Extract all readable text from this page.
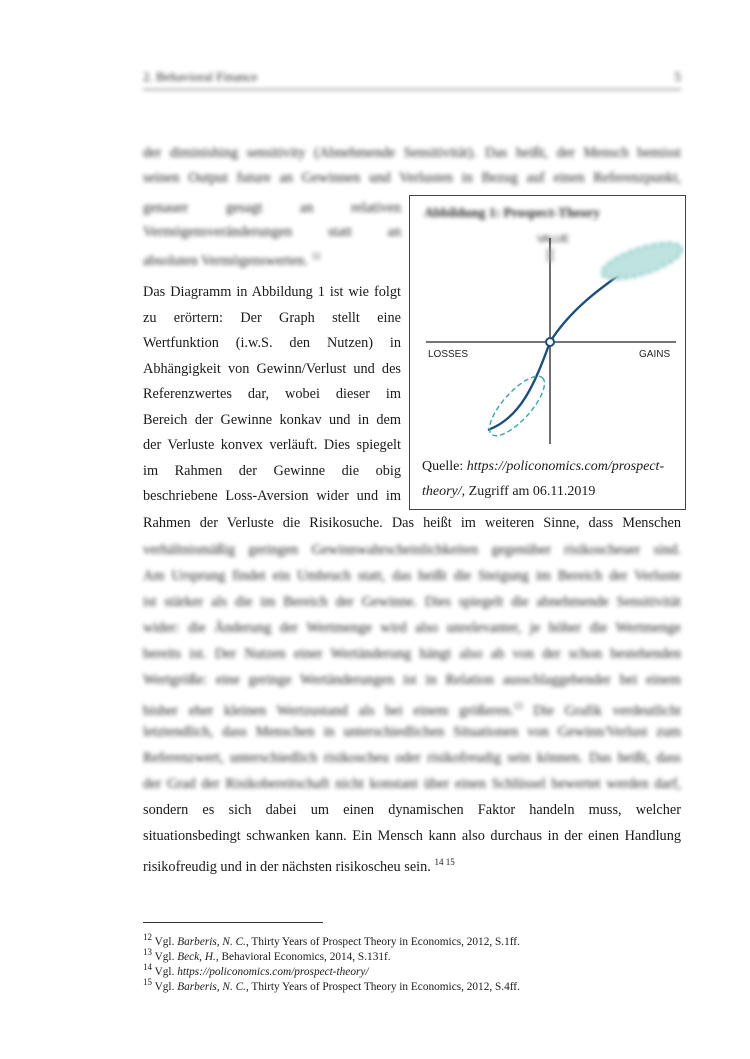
2. Behavioral Finance	5
der diminishing sensitivity (Abnehmende Sensitivität). Das heißt, der Mensch bemisst
seinen Output future an Gewinnen und Verlusten in Bezug auf einen Referenzpunkt,
genauer gesagt an relativen
Vermögensveränderungen statt an
absoluten Vermögenswerten. $^{12}$
Das Diagramm in Abbildung 1 ist wie folgt
zu erörtern: Der Graph stellt eine
Wertfunktion (i.w.S. den Nutzen) in
Abhängigkeit von Gewinn/Verlust und des
Referenzwertes dar, wobei dieser im
Bereich der Gewinne konkav und in dem
der Verluste konvex verläuft. Dies spiegelt
im Rahmen der Gewinne die obig
beschriebene Loss-Aversion wider und im
Rahmen der Verluste die Risikosuche. Das heißt im weiteren Sinne, dass Menschen
verhältnismäßig geringen Gewinnwahrscheinlichkeiten gegenüber risikoscheuer sind.
Am Ursprung findet ein Umbruch statt, das heißt die Steigung im Bereich der Verluste
ist stärker als die im Bereich der Gewinne. Dies spiegelt die abnehmende Sensitivität
wider: die Änderung der Wertmenge wird also unrelevanter, je höher die Wertmenge
bereits ist. Der Nutzen einer Wertänderung hängt also ab von der schon bestehenden
Wertgröße: eine geringe Wertänderungen ist in Relation ausschlaggebender bei einem
bisher eher kleinen Wertzustand als bei einem größeren.$^{13}$ Die Grafik verdeutlicht
letztendlich, dass Menschen in unterschiedlichen Situationen von Gewinn/Verlust zum
Referenzwert, unterschiedlich risikoscheu oder risikofreudig sein können. Das heißt, dass
der Grad der Risikobereitschaft nicht konstant über einen Schlüssel bewertet werden darf,
sondern es sich dabei um einen dynamischen Faktor handeln muss, welcher
situationsbedingt schwanken kann. Ein Mensch kann also durchaus in der einen Handlung
risikofreudig und in der nächsten risikoscheu sein. $^{14 15}$
Abbildung 1: Prospect-Theory
VALUE
LOSSES	GAINS
Quelle: https://policonomics.com/prospect-theory/, Zugriff am 06.11.2019
$^{12}$ Vgl. Barberis, N. C., Thirty Years of Prospect Theory in Economics, 2012, S.1ff.
$^{13}$ Vgl. Beck, H., Behavioral Economics, 2014, S.131f.
$^{14}$ Vgl. https://policonomics.com/prospect-theory/
$^{15}$ Vgl. Barberis, N. C., Thirty Years of Prospect Theory in Economics, 2012, S.4ff.
